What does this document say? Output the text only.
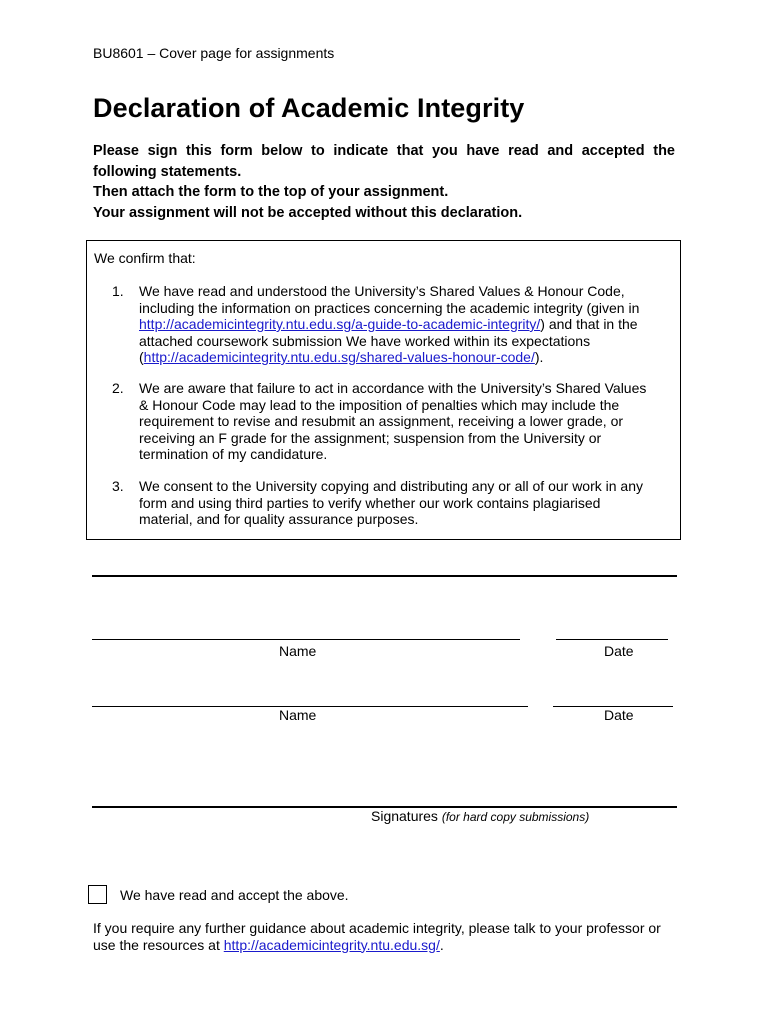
BU8601 – Cover page for assignments
Declaration of Academic Integrity

Please sign this form below to indicate that you have read and accepted the following statements.

Then attach the form to the top of your assignment.

Your assignment will not be accepted without this declaration.

We confirm that:
1. We have read and understood the University’s Shared Values & Honour Code, including the information on practices concerning the academic integrity (given in http://academicintegrity.ntu.edu.sg/a-guide-to-academic-integrity/) and that in the attached coursework submission We have worked within its expectations (http://academicintegrity.ntu.edu.sg/shared-values-honour-code/).
2. We are aware that failure to act in accordance with the University’s Shared Values & Honour Code may lead to the imposition of penalties which may include the requirement to revise and resubmit an assignment, receiving a lower grade, or receiving an F grade for the assignment; suspension from the University or termination of my candidature.
3. We consent to the University copying and distributing any or all of our work in any form and using third parties to verify whether our work contains plagiarised material, and for quality assurance purposes.
Name	Date
Name	Date
Signatures (for hard copy submissions)
We have read and accept the above.
If you require any further guidance about academic integrity, please talk to your professor or use the resources at http://academicintegrity.ntu.edu.sg/.
